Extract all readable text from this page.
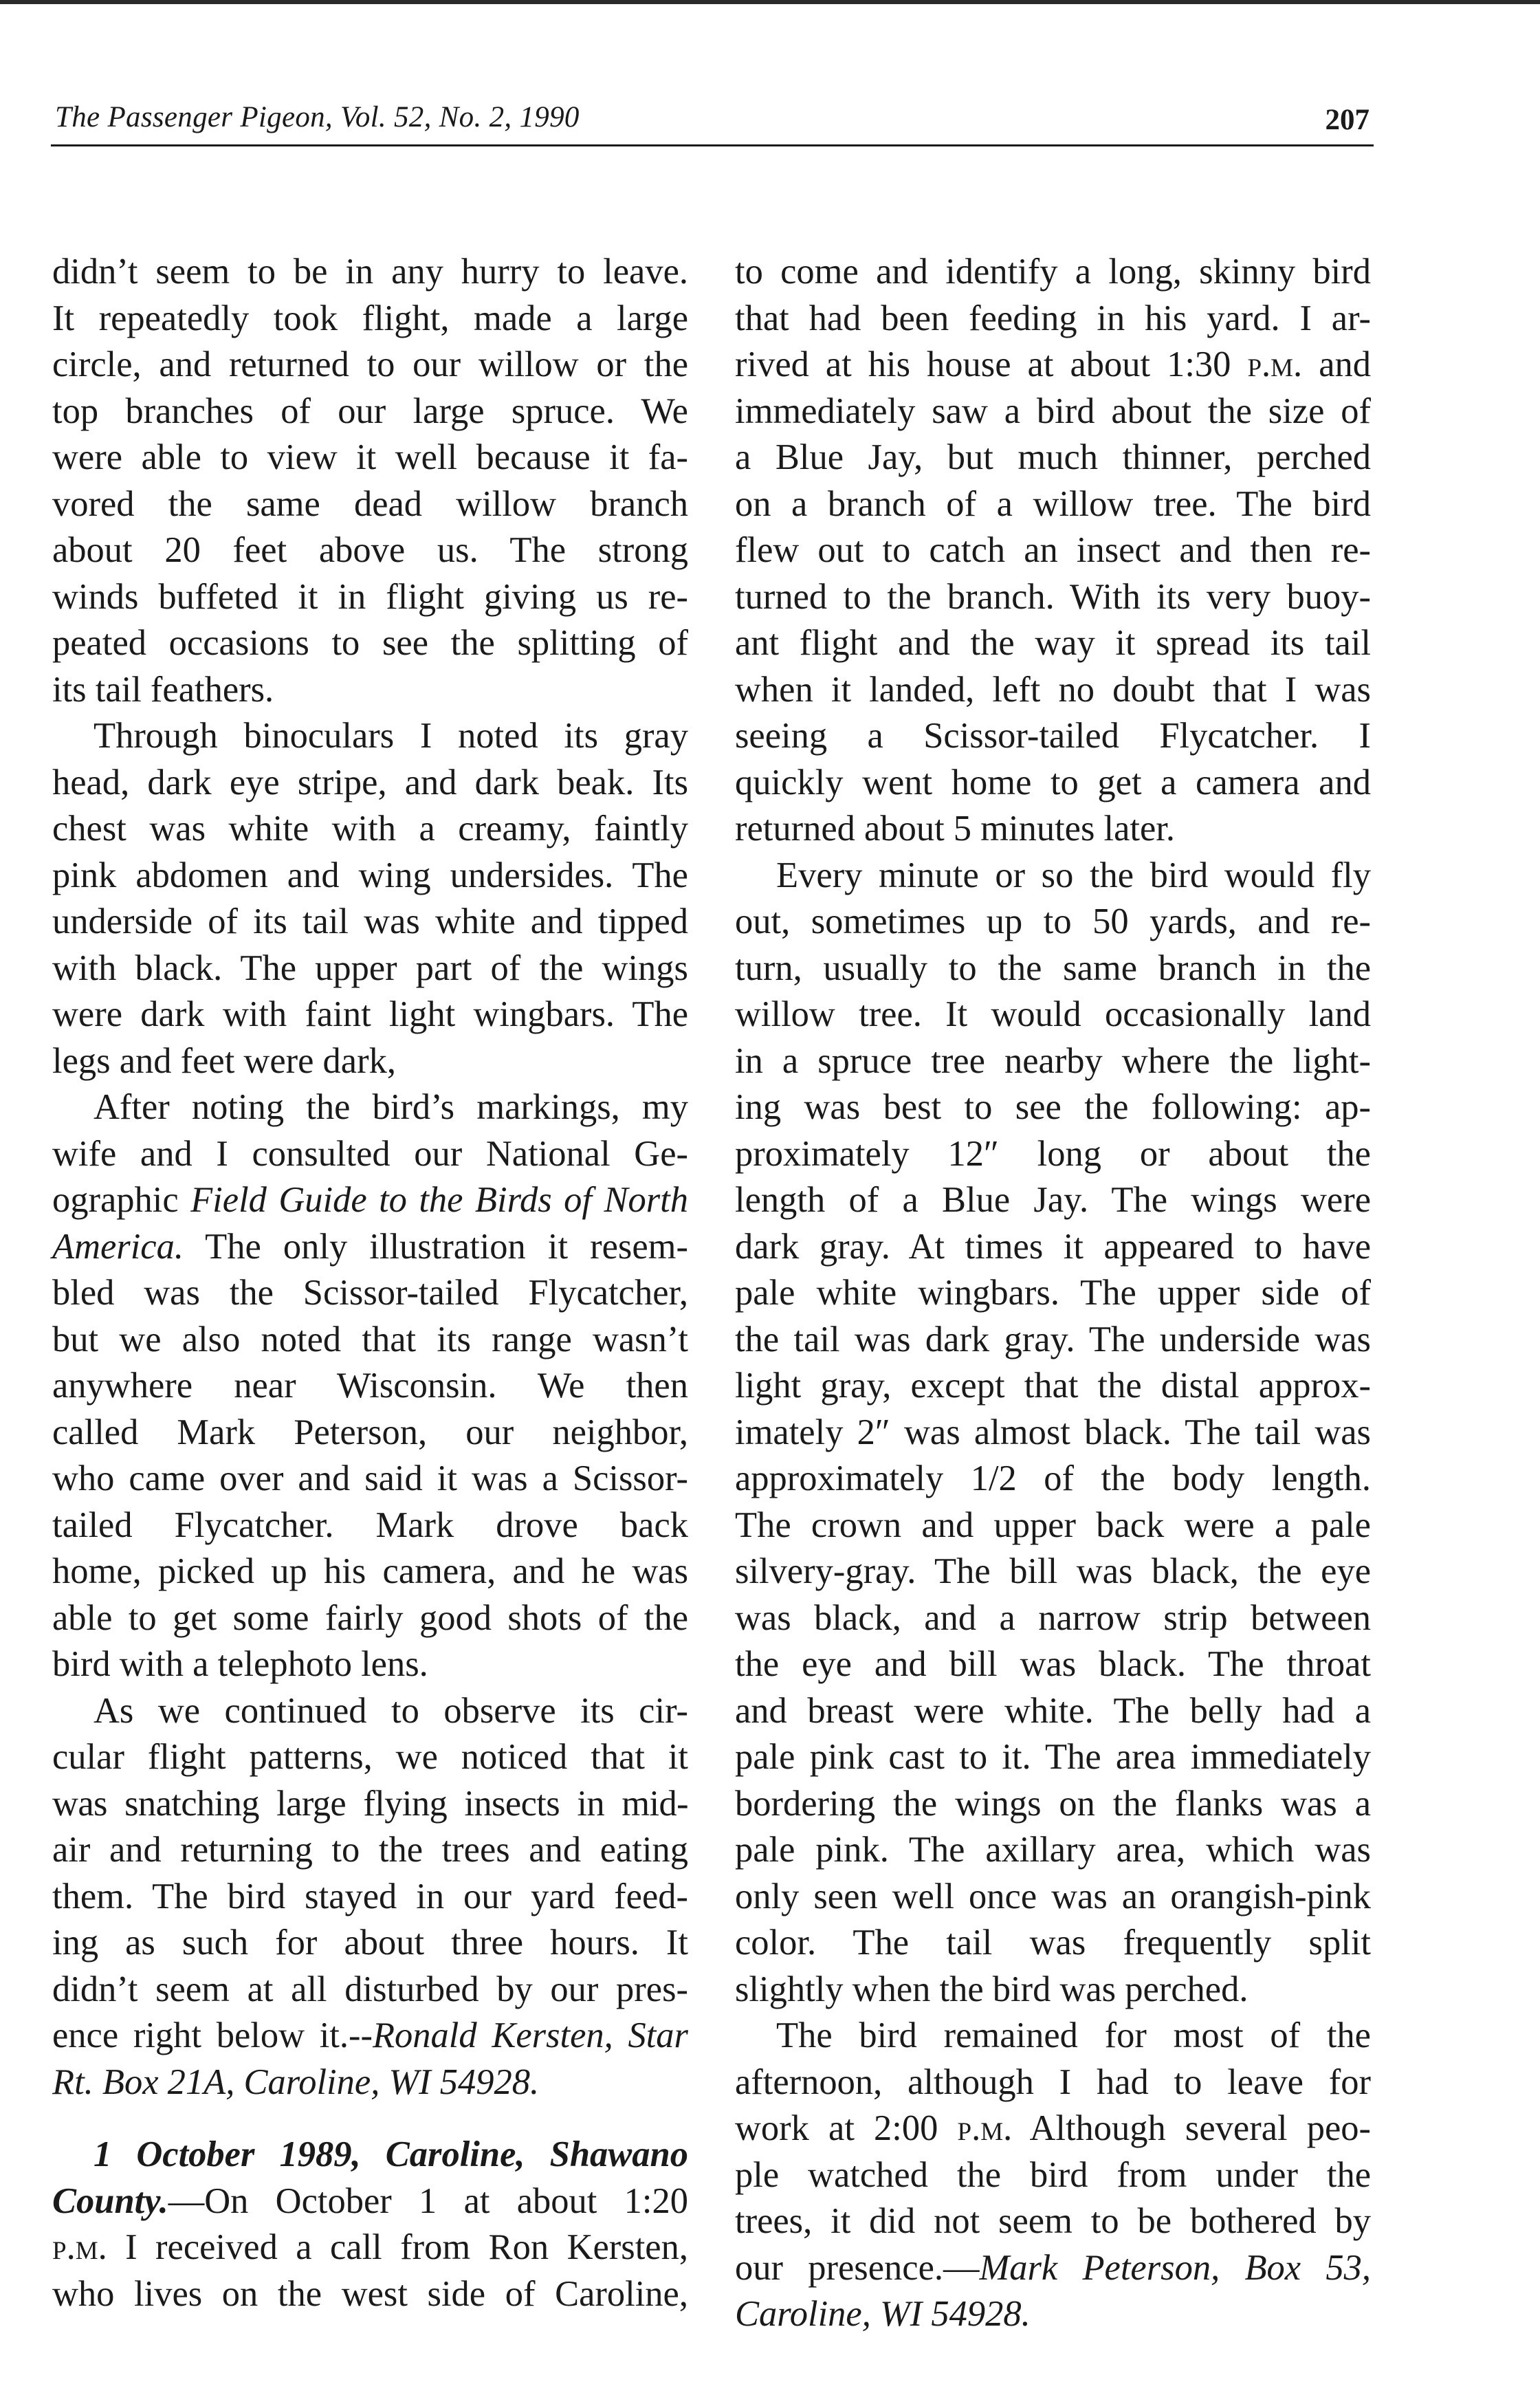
The Passenger Pigeon, Vol. 52, No. 2, 1990	207
didn’t seem to be in any hurry to leave.
It repeatedly took flight, made a large
circle, and returned to our willow or the
top branches of our large spruce. We
were able to view it well because it fa-
vored the same dead willow branch
about 20 feet above us. The strong
winds buffeted it in flight giving us re-
peated occasions to see the splitting of
its tail feathers.
Through binoculars I noted its gray
head, dark eye stripe, and dark beak. Its
chest was white with a creamy, faintly
pink abdomen and wing undersides. The
underside of its tail was white and tipped
with black. The upper part of the wings
were dark with faint light wingbars. The
legs and feet were dark,
After noting the bird’s markings, my
wife and I consulted our National Ge-
ographic Field Guide to the Birds of North
America. The only illustration it resem-
bled was the Scissor-tailed Flycatcher,
but we also noted that its range wasn’t
anywhere near Wisconsin. We then
called Mark Peterson, our neighbor,
who came over and said it was a Scissor-
tailed Flycatcher. Mark drove back
home, picked up his camera, and he was
able to get some fairly good shots of the
bird with a telephoto lens.
As we continued to observe its cir-
cular flight patterns, we noticed that it
was snatching large flying insects in mid-
air and returning to the trees and eating
them. The bird stayed in our yard feed-
ing as such for about three hours. It
didn’t seem at all disturbed by our pres-
ence right below it.--Ronald Kersten, Star
Rt. Box 21A, Caroline, WI 54928.
1 October 1989, Caroline, Shawano
County.—On October 1 at about 1:20
p.m. I received a call from Ron Kersten,
who lives on the west side of Caroline,
to come and identify a long, skinny bird
that had been feeding in his yard. I ar-
rived at his house at about 1:30 p.m. and
immediately saw a bird about the size of
a Blue Jay, but much thinner, perched
on a branch of a willow tree. The bird
flew out to catch an insect and then re-
turned to the branch. With its very buoy-
ant flight and the way it spread its tail
when it landed, left no doubt that I was
seeing a Scissor-tailed Flycatcher. I
quickly went home to get a camera and
returned about 5 minutes later.
Every minute or so the bird would fly
out, sometimes up to 50 yards, and re-
turn, usually to the same branch in the
willow tree. It would occasionally land
in a spruce tree nearby where the light-
ing was best to see the following: ap-
proximately 12″ long or about the
length of a Blue Jay. The wings were
dark gray. At times it appeared to have
pale white wingbars. The upper side of
the tail was dark gray. The underside was
light gray, except that the distal approx-
imately 2″ was almost black. The tail was
approximately 1/2 of the body length.
The crown and upper back were a pale
silvery-gray. The bill was black, the eye
was black, and a narrow strip between
the eye and bill was black. The throat
and breast were white. The belly had a
pale pink cast to it. The area immediately
bordering the wings on the flanks was a
pale pink. The axillary area, which was
only seen well once was an orangish-pink
color. The tail was frequently split
slightly when the bird was perched.
The bird remained for most of the
afternoon, although I had to leave for
work at 2:00 p.m. Although several peo-
ple watched the bird from under the
trees, it did not seem to be bothered by
our presence.—Mark Peterson, Box 53,
Caroline, WI 54928.
